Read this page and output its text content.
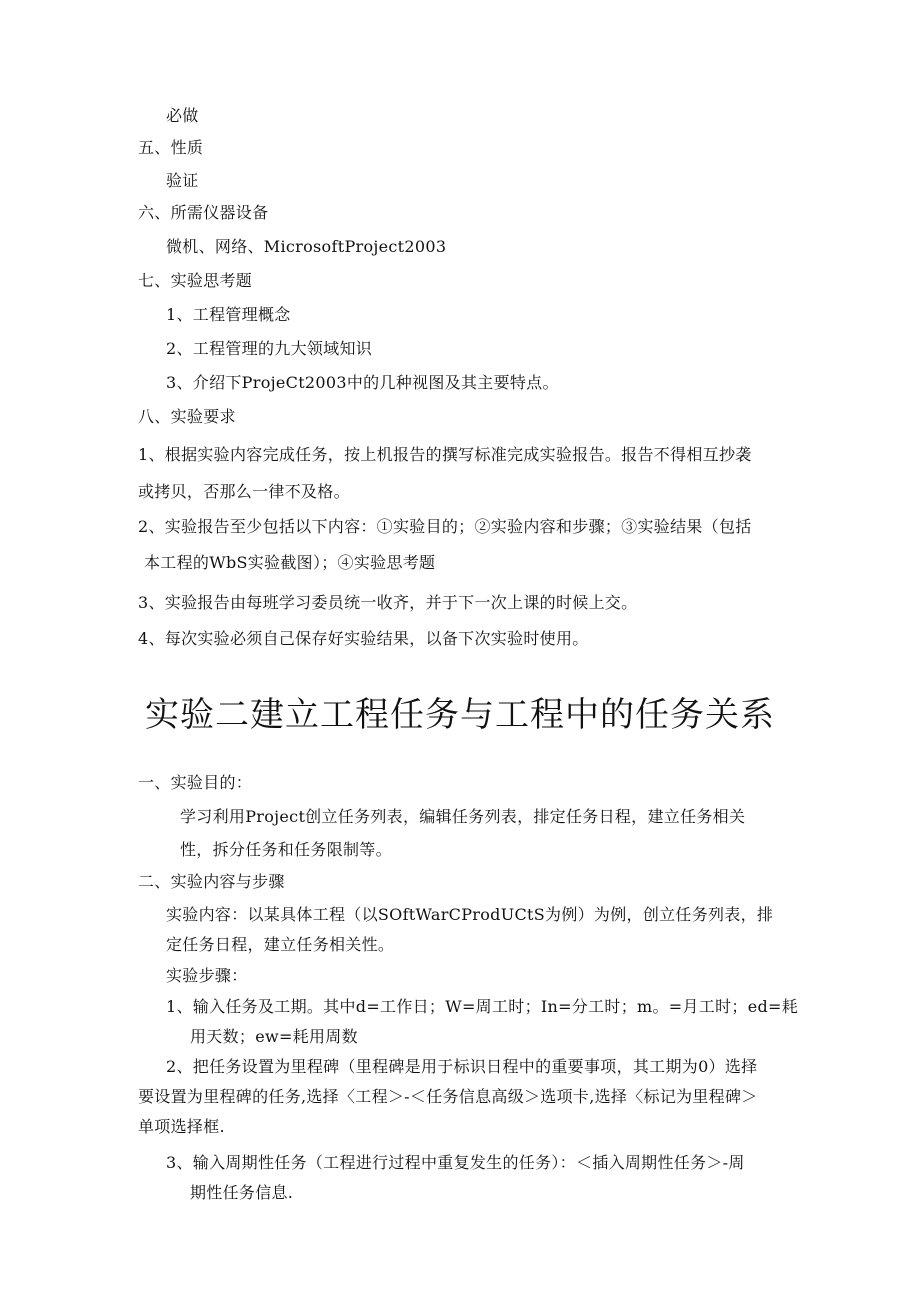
必做
五、性质
验证
六、所需仪器设备
微机、网络、MicrosoftProject2003
七、实验思考题
1、工程管理概念
2、工程管理的九大领域知识
3、介绍下ProjeCt2003中的几种视图及其主要特点。
八、实验要求
1、根据实验内容完成任务，按上机报告的撰写标准完成实验报告。报告不得相互抄袭
或拷贝，否那么一律不及格。
2、实验报告至少包括以下内容：①实验目的；②实验内容和步骤；③实验结果（包括
本工程的WbS实验截图）；④实验思考题
3、实验报告由每班学习委员统一收齐，并于下一次上课的时候上交。
4、每次实验必须自己保存好实验结果，以备下次实验时使用。
实验二建立工程任务与工程中的任务关系
一、实验目的：
学习利用Project创立任务列表，编辑任务列表，排定任务日程，建立任务相关
性，拆分任务和任务限制等。
二、实验内容与步骤
实验内容：以某具体工程（以SOftWarCProdUCtS为例）为例，创立任务列表，排
定任务日程，建立任务相关性。
实验步骤：
1、输入任务及工期。其中d=工作日；W=周工时；In=分工时；m。=月工时；ed=耗
用天数；ew=耗用周数
2、把任务设置为里程碑（里程碑是用于标识日程中的重要事项，其工期为0）选择
要设置为里程碑的任务,选择〈工程＞-＜任务信息高级＞选项卡,选择〈标记为里程碑＞
单项选择框.
3、输入周期性任务（工程进行过程中重复发生的任务）：＜插入周期性任务＞-周
期性任务信息.
